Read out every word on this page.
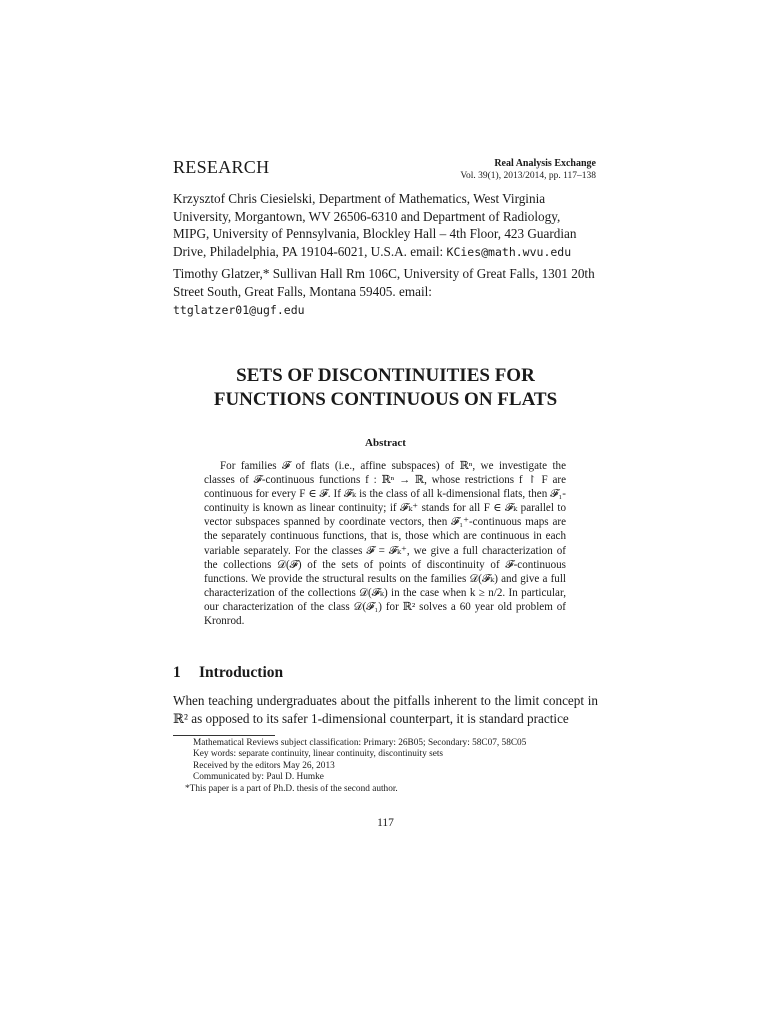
RESEARCH	Real Analysis Exchange
Vol. 39(1), 2013/2014, pp. 117–138

Krzysztof Chris Ciesielski, Department of Mathematics, West Virginia University, Morgantown, WV 26506-6310 and Department of Radiology, MIPG, University of Pennsylvania, Blockley Hall – 4th Floor, 423 Guardian Drive, Philadelphia, PA 19104-6021, U.S.A. email: KCies@math.wvu.edu

Timothy Glatzer,* Sullivan Hall Rm 106C, University of Great Falls, 1301 20th Street South, Great Falls, Montana 59405. email:
ttglatzer01@ugf.edu

SETS OF DISCONTINUITIES FOR
FUNCTIONS CONTINUOUS ON FLATS
Abstract
For families 𝓕 of flats (i.e., affine subspaces) of ℝⁿ, we investigate the classes of 𝓕-continuous functions f : ℝⁿ → ℝ, whose restrictions f ↾ F are continuous for every F ∈ 𝓕. If 𝓕ₖ is the class of all k-dimensional flats, then 𝓕₁-continuity is known as linear continuity; if 𝓕ₖ⁺ stands for all F ∈ 𝓕ₖ parallel to vector subspaces spanned by coordinate vectors, then 𝓕₁⁺-continuous maps are the separately continuous functions, that is, those which are continuous in each variable separately. For the classes 𝓕 = 𝓕ₖ⁺, we give a full characterization of the collections 𝒟(𝓕) of the sets of points of discontinuity of 𝓕-continuous functions. We provide the structural results on the families 𝒟(𝓕ₖ) and give a full characterization of the collections 𝒟(𝓕ₖ) in the case when k ≥ n/2. In particular, our characterization of the class 𝒟(𝓕₁) for ℝ² solves a 60 year old problem of Kronrod.
1 Introduction
When teaching undergraduates about the pitfalls inherent to the limit concept in ℝ² as opposed to its safer 1-dimensional counterpart, it is standard practice
Mathematical Reviews subject classification: Primary: 26B05; Secondary: 58C07, 58C05
Key words: separate continuity, linear continuity, discontinuity sets
Received by the editors May 26, 2013
Communicated by: Paul D. Humke
*This paper is a part of Ph.D. thesis of the second author.
117
